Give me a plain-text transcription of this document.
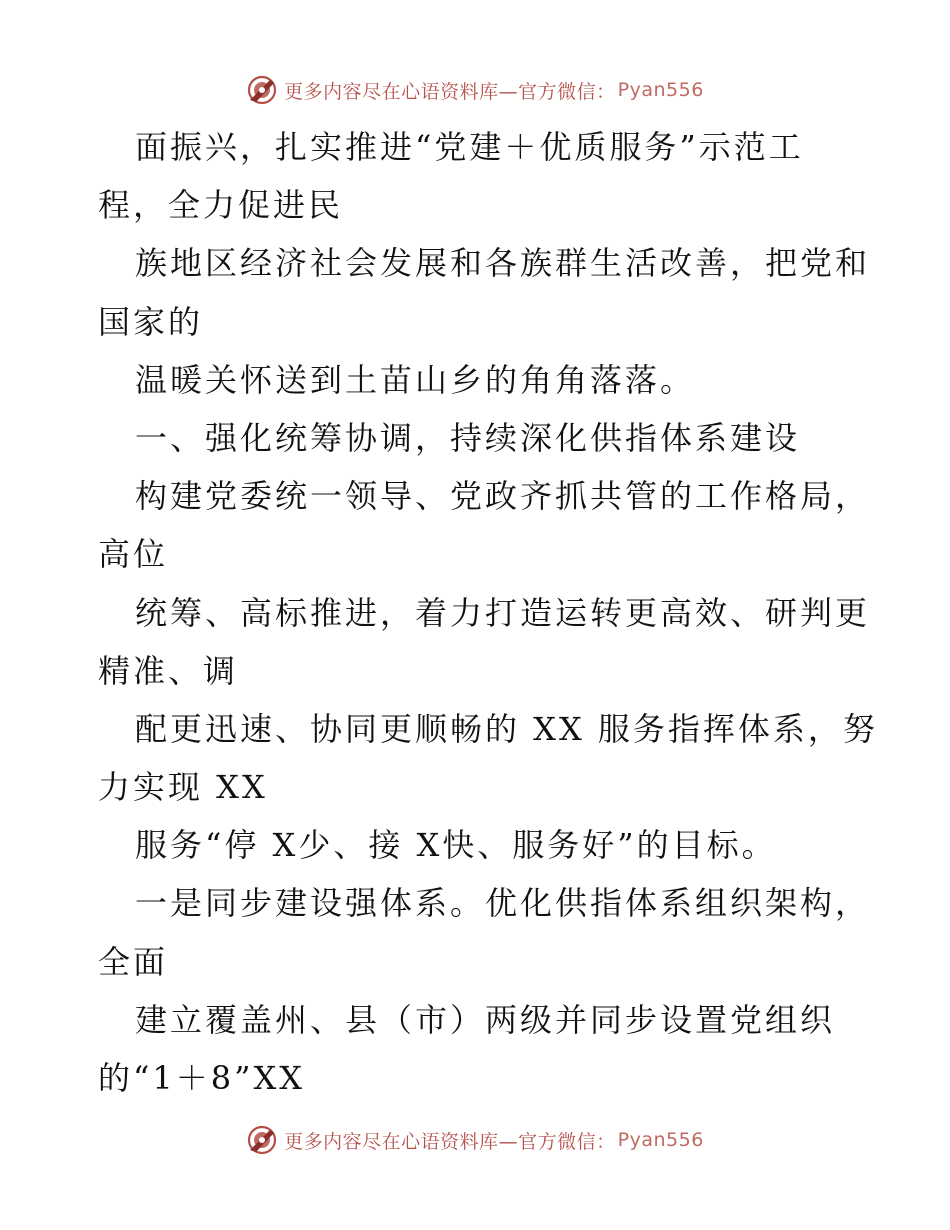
更多内容尽在心语资料库—官方微信： Pyan556
面振兴，扎实推进“党建＋优质服务”示范工
程，全力促进民
族地区经济社会发展和各族群生活改善，把党和
国家的
温暖关怀送到土苗山乡的角角落落。
一、强化统筹协调，持续深化供指体系建设
构建党委统一领导、党政齐抓共管的工作格局，
高位
统筹、高标推进，着力打造运转更高效、研判更
精准、调
配更迅速、协同更顺畅的 XX 服务指挥体系，努
力实现 XX
服务“停 X少、接 X快、服务好”的目标。
一是同步建设强体系。优化供指体系组织架构，
全面
建立覆盖州、县（市）两级并同步设置党组织
的“1＋8”XX
更多内容尽在心语资料库—官方微信： Pyan556
